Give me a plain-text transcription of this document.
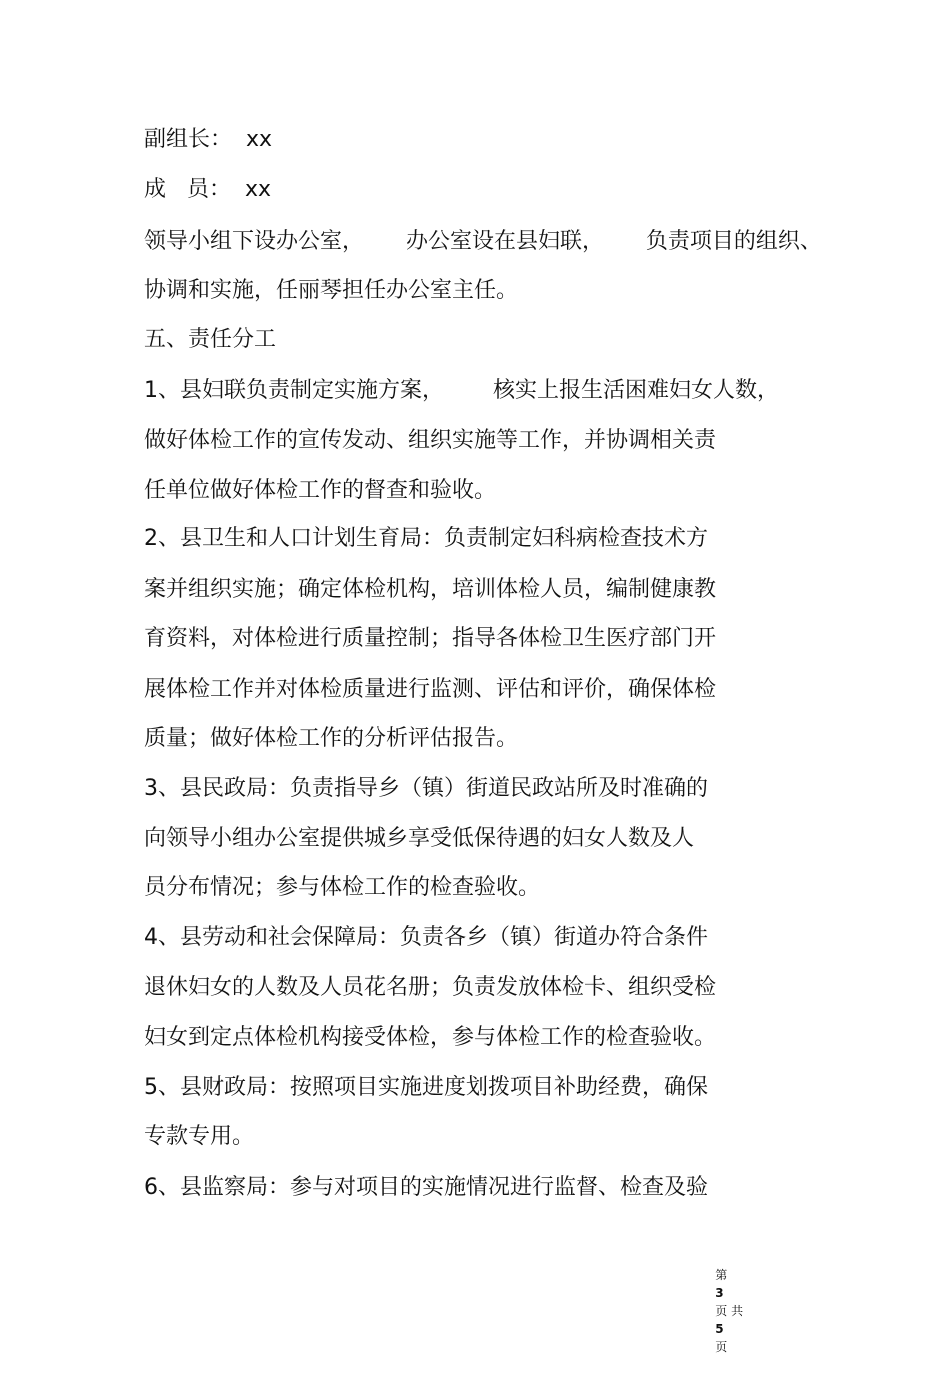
副组长：  xx
成   员：  xx
领导小组下设办公室，      办公室设在县妇联，      负责项目的组织、
协调和实施，任丽琴担任办公室主任。
五、责任分工
1、县妇联负责制定实施方案，       核实上报生活困难妇女人数，
做好体检工作的宣传发动、组织实施等工作，并协调相关责
任单位做好体检工作的督查和验收。
2、县卫生和人口计划生育局：负责制定妇科病检查技术方
案并组织实施；确定体检机构，培训体检人员，编制健康教
育资料，对体检进行质量控制；指导各体检卫生医疗部门开
展体检工作并对体检质量进行监测、评估和评价，确保体检
质量；做好体检工作的分析评估报告。
3、县民政局：负责指导乡（镇）街道民政站所及时准确的
向领导小组办公室提供城乡享受低保待遇的妇女人数及人
员分布情况；参与体检工作的检查验收。
4、县劳动和社会保障局：负责各乡（镇）街道办符合条件
退休妇女的人数及人员花名册；负责发放体检卡、组织受检
妇女到定点体检机构接受体检，参与体检工作的检查验收。
5、县财政局：按照项目实施进度划拨项目补助经费，确保
专款专用。
6、县监察局：参与对项目的实施情况进行监督、检查及验

第
3
页 共
5
页
